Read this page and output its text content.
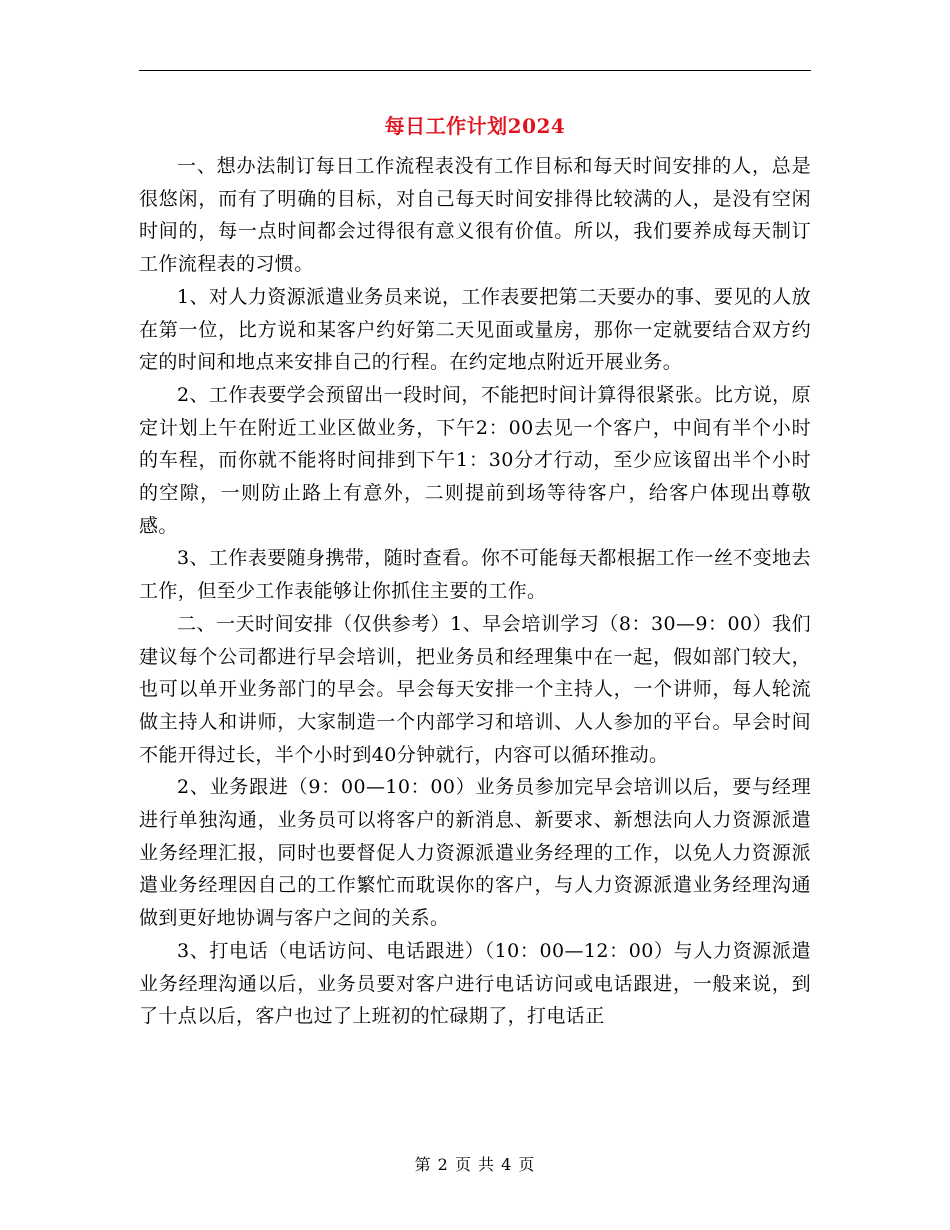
每日工作计划2024

一、想办法制订每日工作流程表没有工作目标和每天时间安排的人，总是很悠闲，而有了明确的目标，对自己每天时间安排得比较满的人，是没有空闲时间的，每一点时间都会过得很有意义很有价值。所以，我们要养成每天制订工作流程表的习惯。

1、对人力资源派遣业务员来说，工作表要把第二天要办的事、要见的人放在第一位，比方说和某客户约好第二天见面或量房，那你一定就要结合双方约定的时间和地点来安排自己的行程。在约定地点附近开展业务。

2、工作表要学会预留出一段时间，不能把时间计算得很紧张。比方说，原定计划上午在附近工业区做业务，下午2：00去见一个客户，中间有半个小时的车程，而你就不能将时间排到下午1：30分才行动，至少应该留出半个小时的空隙，一则防止路上有意外，二则提前到场等待客户，给客户体现出尊敬感。

3、工作表要随身携带，随时查看。你不可能每天都根据工作一丝不变地去工作，但至少工作表能够让你抓住主要的工作。

二、一天时间安排（仅供参考）1、早会培训学习（8：30—9：00）我们建议每个公司都进行早会培训，把业务员和经理集中在一起，假如部门较大，也可以单开业务部门的早会。早会每天安排一个主持人，一个讲师，每人轮流做主持人和讲师，大家制造一个内部学习和培训、人人参加的平台。早会时间不能开得过长，半个小时到40分钟就行，内容可以循环推动。

2、业务跟进（9：00—10：00）业务员参加完早会培训以后，要与经理进行单独沟通，业务员可以将客户的新消息、新要求、新想法向人力资源派遣业务经理汇报，同时也要督促人力资源派遣业务经理的工作，以免人力资源派遣业务经理因自己的工作繁忙而耽误你的客户，与人力资源派遣业务经理沟通做到更好地协调与客户之间的关系。

3、打电话（电话访问、电话跟进）（10：00—12：00）与人力资源派遣业务经理沟通以后，业务员要对客户进行电话访问或电话跟进，一般来说，到了十点以后，客户也过了上班初的忙碌期了，打电话正

第 2 页 共 4 页
